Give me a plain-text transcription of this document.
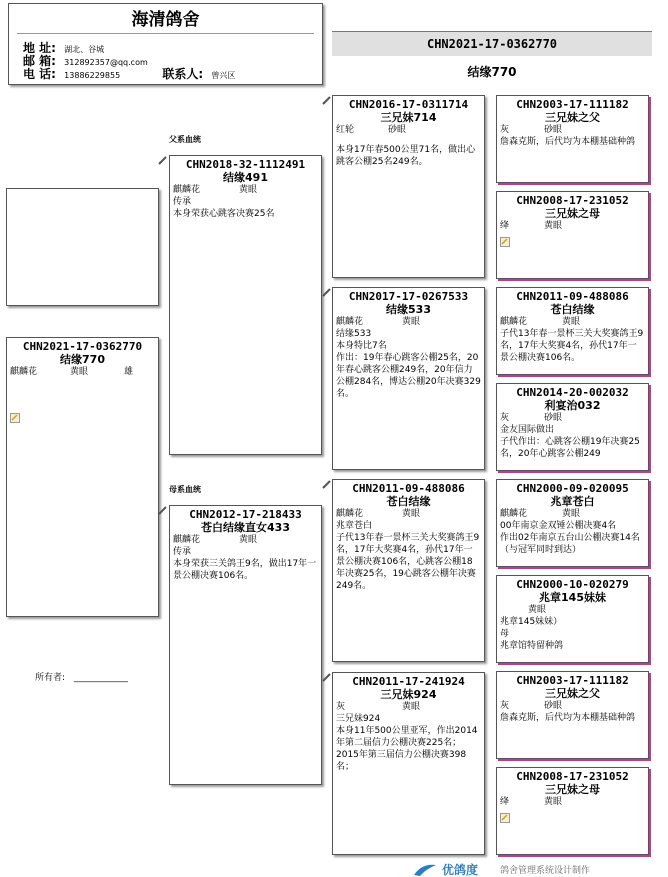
海清鸽舍
地 址: 湖北、谷城
邮 箱: 312892357@qq.com
电 话: 13886229855	联系人: 曾兴区
CHN2021-17-0362770
结缘770
父系血统
母系血统
所有者: ____________
CHN2021-17-0362770
结缘770
麒麟花	黄眼	雄
CHN2018-32-1112491
结缘491
麒麟花	黄眼
传承
本身荣获心跳客决赛25名
CHN2012-17-218433
苍白结缘直女433
麒麟花	黄眼
传承
本身荣获三关鸽王9名，做出17年一景公棚决赛106名。
CHN2016-17-0311714
三兄妹714
红轮	砂眼
本身17年春500公里71名，做出心跳客公棚25名249名。
CHN2017-17-0267533
结缘533
麒麟花	黄眼
结缘533
本身特比7名
作出：19年春心跳客公棚25名，20年春心跳客公棚249名，20年信力公棚284名，博达公棚20年决赛329名。
CHN2011-09-488086
苍白结缘
麒麟花	黄眼
兆章苍白
子代13年春一景杯三关大奖赛鸽王9名，17年大奖赛4名，孙代17年一景公棚决赛106名，心跳客公棚18年决赛25名，19心跳客公棚年决赛249名。
CHN2011-17-241924
三兄妹924
灰	黄眼
三兄妹924
本身11年500公里亚军，作出2014年第二届信力公棚决赛225名；
2015年第三届信力公棚决赛398名；
CHN2003-17-111182
三兄妹之父
灰	砂眼
詹森克斯，后代均为本棚基础种鸽
CHN2008-17-231052
三兄妹之母
绛	黄眼
CHN2011-09-488086
苍白结缘
麒麟花	黄眼
子代13年春一景杯三关大奖赛鸽王9名，17年大奖赛4名，孙代17年一景公棚决赛106名。
CHN2014-20-002032
利宴治032
灰	砂眼
金友国际做出
子代作出：心跳客公棚19年决赛25名，20年心跳客公棚249
CHN2000-09-020095
兆章苍白
麒麟花	黄眼
00年南京金双锤公棚决赛4名
作出02年南京五台山公棚决赛14名（与冠军同时到达）
CHN2000-10-020279
兆章145妹妹
黄眼
兆章145妹妹）
母
兆章馆特留种鸽
CHN2003-17-111182
三兄妹之父
灰	砂眼
詹森克斯，后代均为本棚基础种鸽
CHN2008-17-231052
三兄妹之母
绛	黄眼
优鸽度 鸽舍管理系统设计制作
